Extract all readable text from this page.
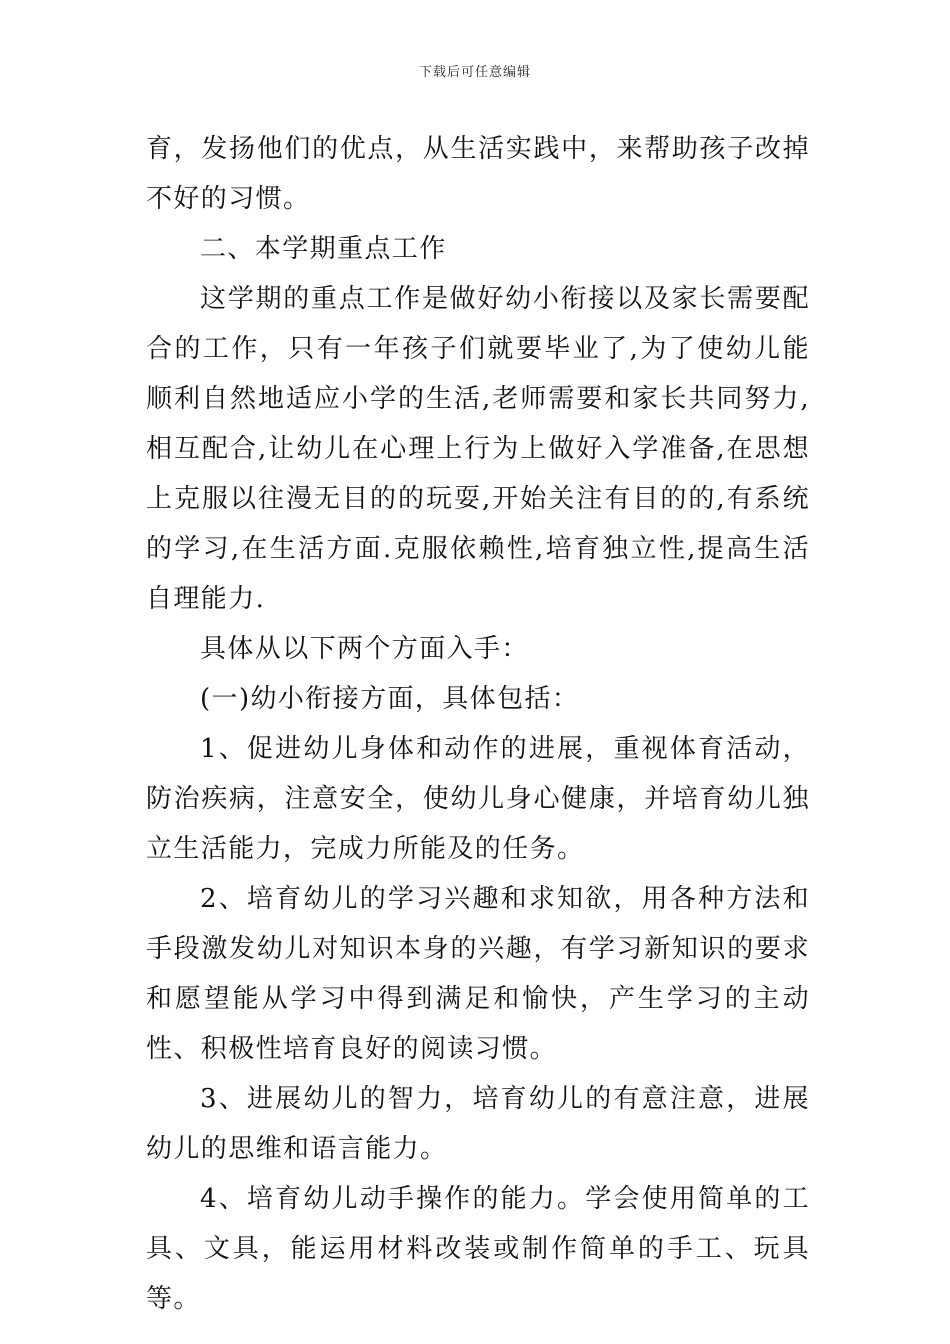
下载后可任意编辑

育，发扬他们的优点，从生活实践中，来帮助孩子改掉不好的习惯。

二、本学期重点工作

这学期的重点工作是做好幼小衔接以及家长需要配合的工作，只有一年孩子们就要毕业了,为了使幼儿能顺利自然地适应小学的生活,老师需要和家长共同努力,相互配合,让幼儿在心理上行为上做好入学准备,在思想上克服以往漫无目的的玩耍,开始关注有目的的,有系统的学习,在生活方面.克服依赖性,培育独立性,提高生活自理能力.

具体从以下两个方面入手：

(一)幼小衔接方面，具体包括：

1、促进幼儿身体和动作的进展，重视体育活动，防治疾病，注意安全，使幼儿身心健康，并培育幼儿独立生活能力，完成力所能及的任务。

2、培育幼儿的学习兴趣和求知欲，用各种方法和手段激发幼儿对知识本身的兴趣，有学习新知识的要求和愿望能从学习中得到满足和愉快，产生学习的主动性、积极性培育良好的阅读习惯。

3、进展幼儿的智力，培育幼儿的有意注意，进展幼儿的思维和语言能力。

4、培育幼儿动手操作的能力。学会使用简单的工具、文具，能运用材料改装或制作简单的手工、玩具等。
